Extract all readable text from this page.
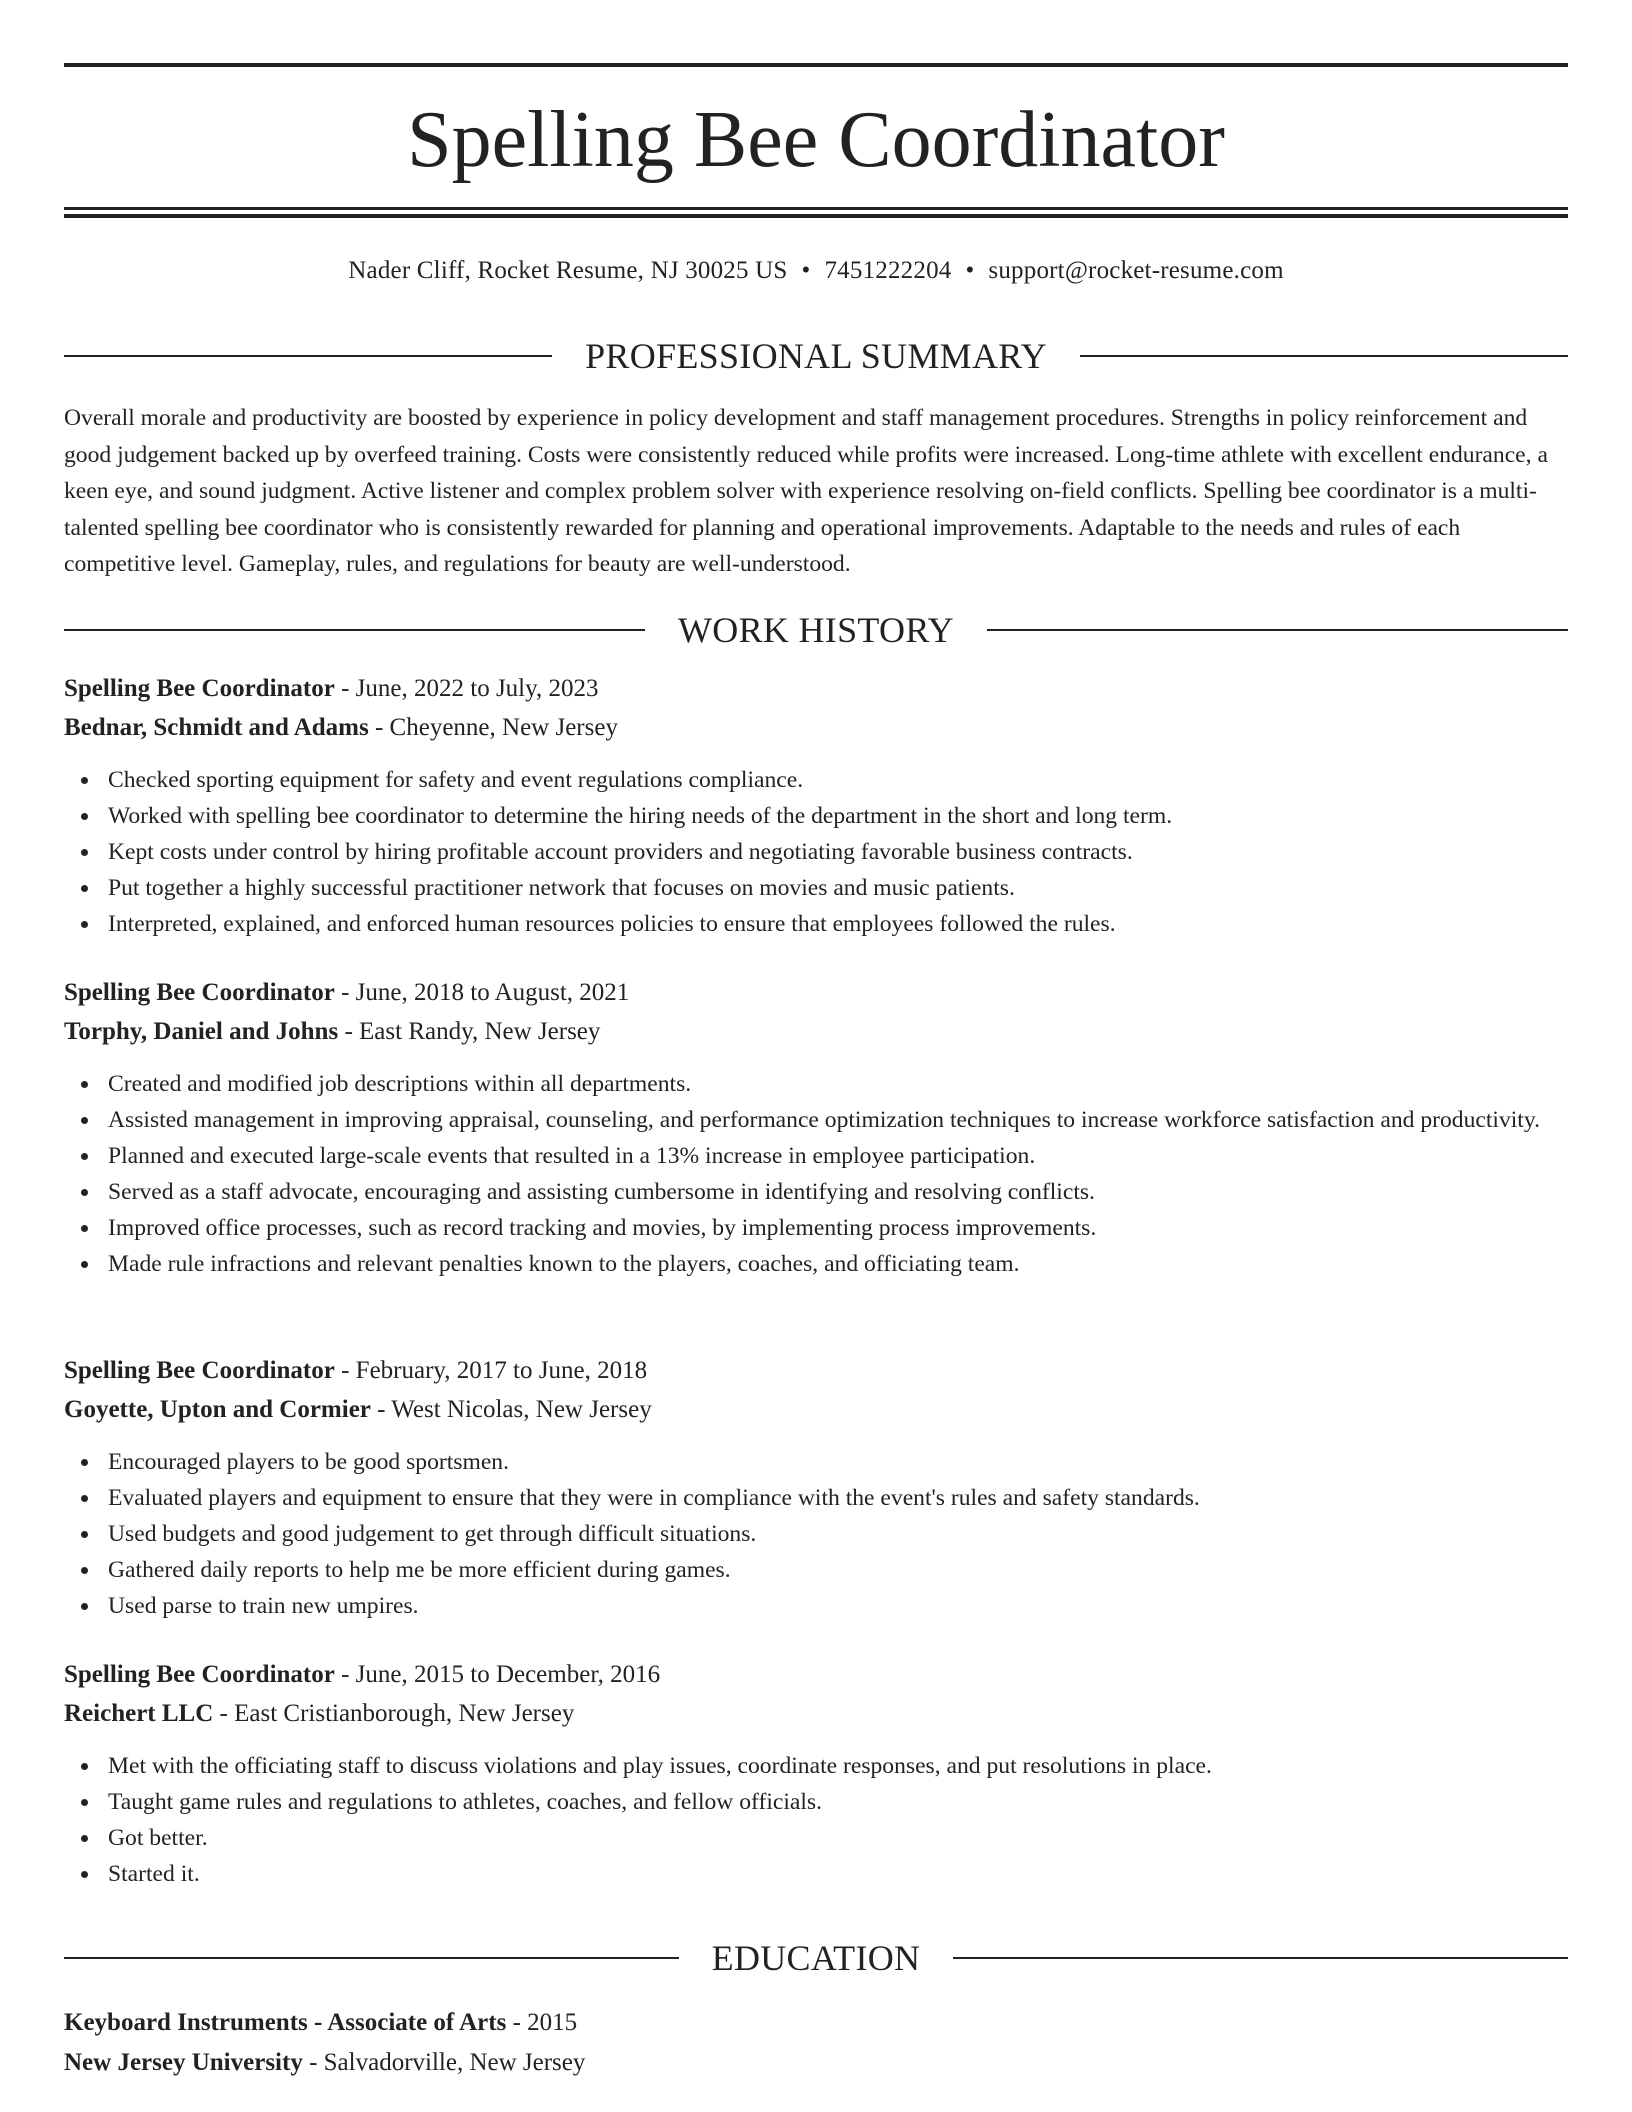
Spelling Bee Coordinator
Nader Cliff, Rocket Resume, NJ 30025 US • 7451222204 • support@rocket-resume.com
PROFESSIONAL SUMMARY

Overall morale and productivity are boosted by experience in policy development and staff management procedures. Strengths in policy reinforcement and good judgement backed up by overfeed training. Costs were consistently reduced while profits were increased. Long-time athlete with excellent endurance, a keen eye, and sound judgment. Active listener and complex problem solver with experience resolving on-field conflicts. Spelling bee coordinator is a multi-talented spelling bee coordinator who is consistently rewarded for planning and operational improvements. Adaptable to the needs and rules of each competitive level. Gameplay, rules, and regulations for beauty are well-understood.

WORK HISTORY
Spelling Bee Coordinator - June, 2022 to July, 2023
Bednar, Schmidt and Adams - Cheyenne, New Jersey
Checked sporting equipment for safety and event regulations compliance.
Worked with spelling bee coordinator to determine the hiring needs of the department in the short and long term.
Kept costs under control by hiring profitable account providers and negotiating favorable business contracts.
Put together a highly successful practitioner network that focuses on movies and music patients.
Interpreted, explained, and enforced human resources policies to ensure that employees followed the rules.
Spelling Bee Coordinator - June, 2018 to August, 2021
Torphy, Daniel and Johns - East Randy, New Jersey
Created and modified job descriptions within all departments.
Assisted management in improving appraisal, counseling, and performance optimization techniques to increase workforce satisfaction and productivity.
Planned and executed large-scale events that resulted in a 13% increase in employee participation.
Served as a staff advocate, encouraging and assisting cumbersome in identifying and resolving conflicts.
Improved office processes, such as record tracking and movies, by implementing process improvements.
Made rule infractions and relevant penalties known to the players, coaches, and officiating team.
Spelling Bee Coordinator - February, 2017 to June, 2018
Goyette, Upton and Cormier - West Nicolas, New Jersey
Encouraged players to be good sportsmen.
Evaluated players and equipment to ensure that they were in compliance with the event's rules and safety standards.
Used budgets and good judgement to get through difficult situations.
Gathered daily reports to help me be more efficient during games.
Used parse to train new umpires.
Spelling Bee Coordinator - June, 2015 to December, 2016
Reichert LLC - East Cristianborough, New Jersey
Met with the officiating staff to discuss violations and play issues, coordinate responses, and put resolutions in place.
Taught game rules and regulations to athletes, coaches, and fellow officials.
Got better.
Started it.
EDUCATION
Keyboard Instruments - Associate of Arts - 2015
New Jersey University - Salvadorville, New Jersey
